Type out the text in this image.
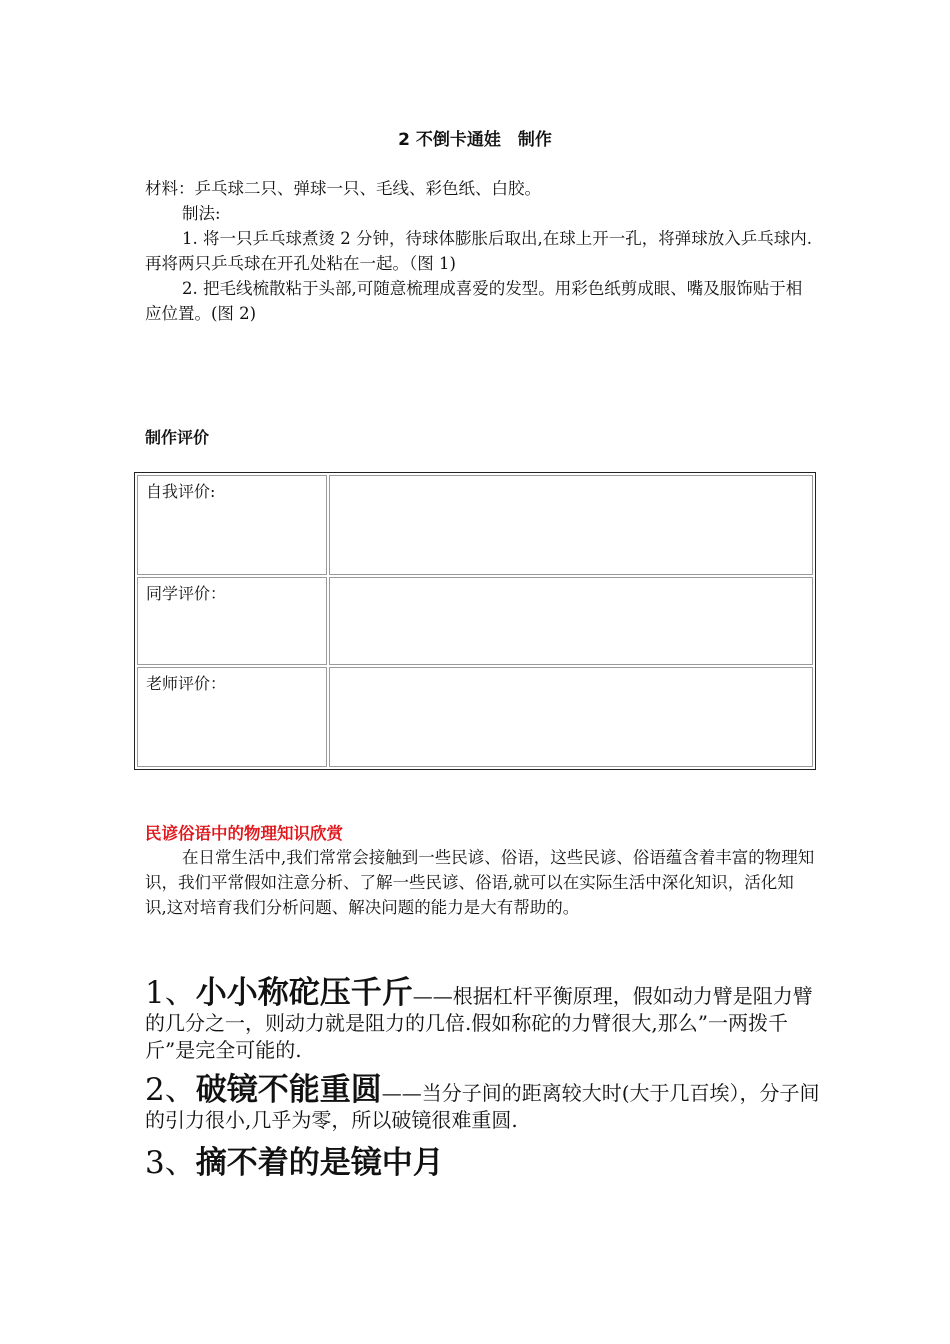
2 不倒卡通娃　制作

材料：乒乓球二只、弹球一只、毛线、彩色纸、白胶。

制法:

1. 将一只乒乓球煮烫 2 分钟，待球体膨胀后取出,在球上开一孔，将弹球放入乒乓球内.再将两只乒乓球在开孔处粘在一起。（图 1)

2. 把毛线梳散粘于头部,可随意梳理成喜爱的发型。用彩色纸剪成眼、嘴及服饰贴于相应位置。(图 2)

制作评价
自我评价:	
同学评价：	
老师评价：	
民谚俗语中的物理知识欣赏

在日常生活中,我们常常会接触到一些民谚、俗语，这些民谚、俗语蕴含着丰富的物理知识，我们平常假如注意分析、了解一些民谚、俗语,就可以在实际生活中深化知识，活化知识,这对培育我们分析问题、解决问题的能力是大有帮助的。

1、小小称砣压千斤——根据杠杆平衡原理，假如动力臂是阻力臂的几分之一，则动力就是阻力的几倍.假如称砣的力臂很大,那么”一两拨千斤”是完全可能的.
2、破镜不能重圆——当分子间的距离较大时(大于几百埃），分子间的引力很小,几乎为零，所以破镜很难重圆.
3、摘不着的是镜中月
